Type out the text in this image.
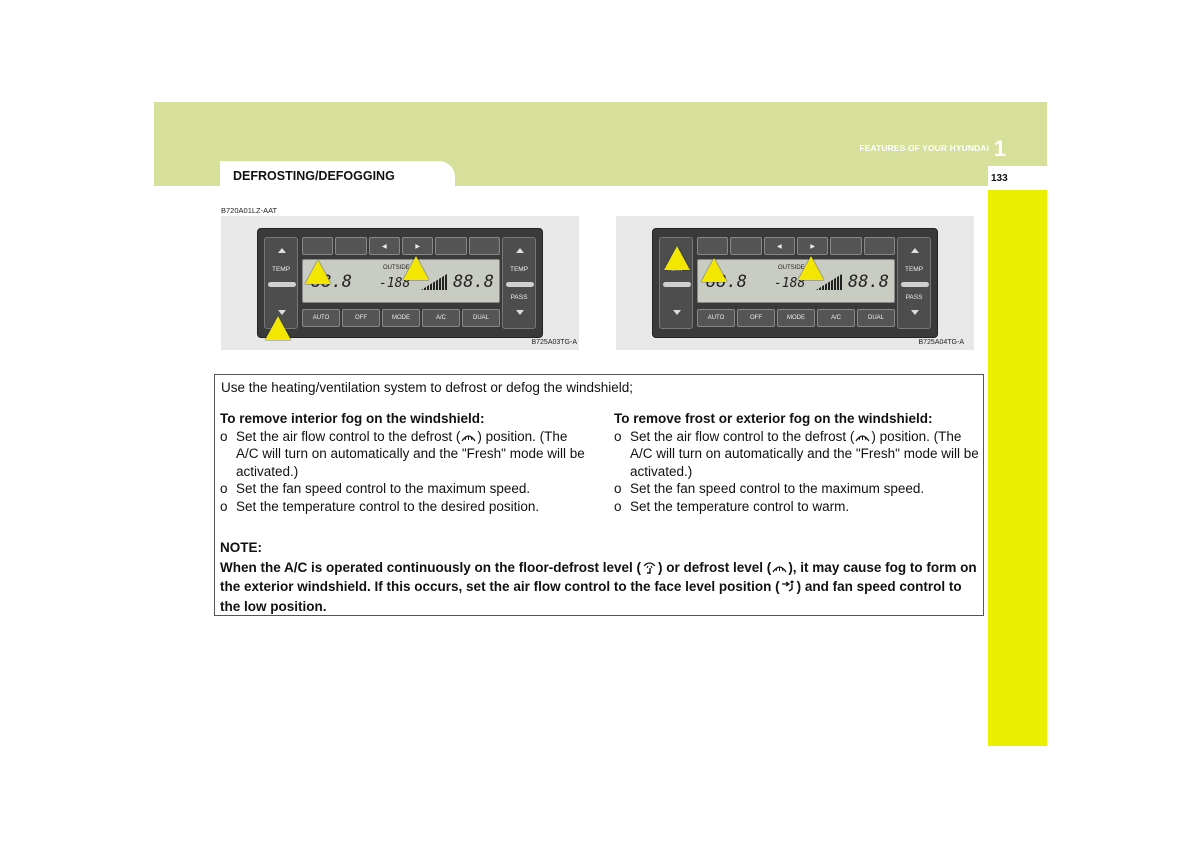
FEATURES OF YOUR HYUNDAI 1
DEFROSTING/DEFOGGING	133
B720A01LZ-AAT
TEMP
◀	▶
88.8
OUTSIDE
-188	88.8
AUTO	OFF	MODE	A/C	DUAL
TEMP
PASS
B725A03TG-A
TEMP
◀	▶
88.8
OUTSIDE
-188	88.8
AUTO	OFF	MODE	A/C	DUAL
TEMP
PASS
B725A04TG-A
Use the heating/ventilation system to defrost or defog the windshield;
To remove interior fog on the windshield:
o Set the air flow control to the defrost ( ) position. (The A/C will turn on automatically and the "Fresh" mode will be activated.)
o Set the fan speed control to the maximum speed.
o Set the temperature control to the desired position.
To remove frost or exterior fog on the windshield:
o Set the air flow control to the defrost ( ) position. (The A/C will turn on automatically and the "Fresh" mode will be activated.)
o Set the fan speed control to the maximum speed.
o Set the temperature control to warm.
NOTE:
When the A/C is operated continuously on the floor-defrost level ( ) or defrost level ( ), it may cause fog to form on the exterior windshield. If this occurs, set the air flow control to the face level position ( ) and fan speed control to the low position.
